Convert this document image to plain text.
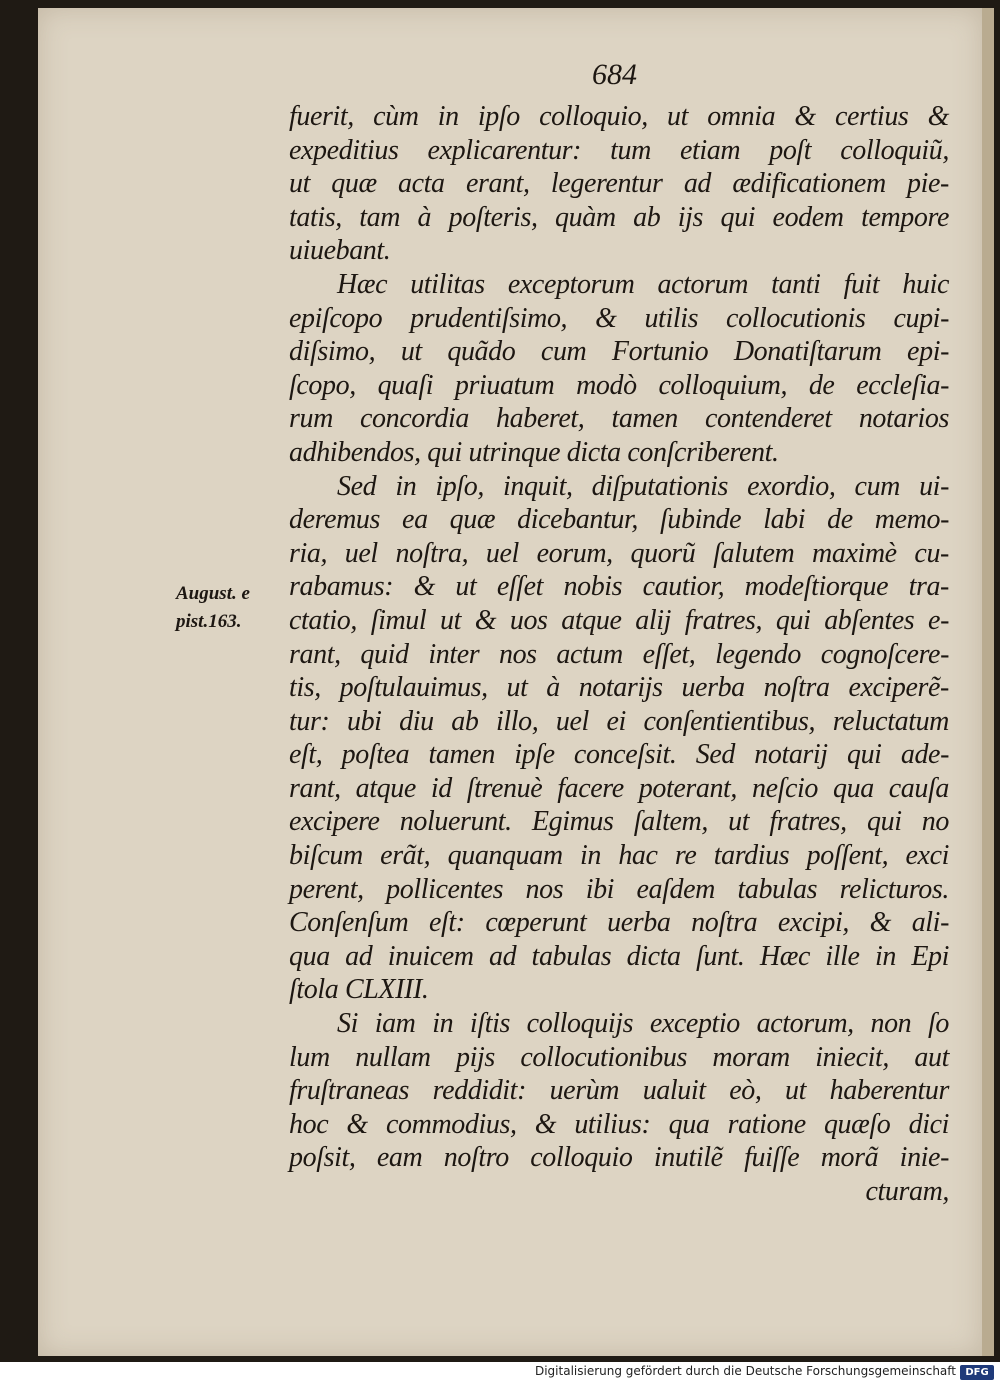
684
August. e
pist.163.
fuerit, cùm in ipſo colloquio, ut omnia & certius &
expeditius explicarentur: tum etiam poſt colloquiũ,
ut quæ acta erant, legerentur ad ædificationem pie-
tatis, tam à poſteris, quàm ab ijs qui eodem tempore
uiuebant.
Hæc utilitas exceptorum actorum tanti fuit huic
epiſcopo prudentiſsimo, & utilis collocutionis cupi-
diſsimo, ut quãdo cum Fortunio Donatiſtarum epi-
ſcopo, quaſi priuatum modò colloquium, de eccleſia-
rum concordia haberet, tamen contenderet notarios
adhibendos, qui utrinque dicta conſcriberent.
Sed in ipſo, inquit, diſputationis exordio, cum ui-
deremus ea quæ dicebantur, ſubinde labi de memo-
ria, uel noſtra, uel eorum, quorũ ſalutem maximè cu-
rabamus: & ut eſſet nobis cautior, modeſtiorque tra-
ctatio, ſimul ut & uos atque alij fratres, qui abſentes e-
rant, quid inter nos actum eſſet, legendo cognoſcere-
tis, poſtulauimus, ut à notarijs uerba noſtra exciperẽ-
tur: ubi diu ab illo, uel ei conſentientibus, reluctatum
eſt, poſtea tamen ipſe conceſsit. Sed notarij qui ade-
rant, atque id ſtrenuè facere poterant, neſcio qua cauſa
excipere noluerunt. Egimus ſaltem, ut fratres, qui no
biſcum erãt, quanquam in hac re tardius poſſent, exci
perent, pollicentes nos ibi eaſdem tabulas relicturos.
Conſenſum eſt: cœperunt uerba noſtra excipi, & ali-
qua ad inuicem ad tabulas dicta ſunt. Hæc ille in Epi
ſtola CLXIII.
Si iam in iſtis colloquijs exceptio actorum, non ſo
lum nullam pijs collocutionibus moram iniecit, aut
fruſtraneas reddidit: uerùm ualuit eò, ut haberentur
hoc & commodius, & utilius: qua ratione quæſo dici
poſsit, eam noſtro colloquio inutilẽ fuiſſe morã inie-
cturam,
Digitalisierung gefördert durch die Deutsche Forschungsgemeinschaft DFG
